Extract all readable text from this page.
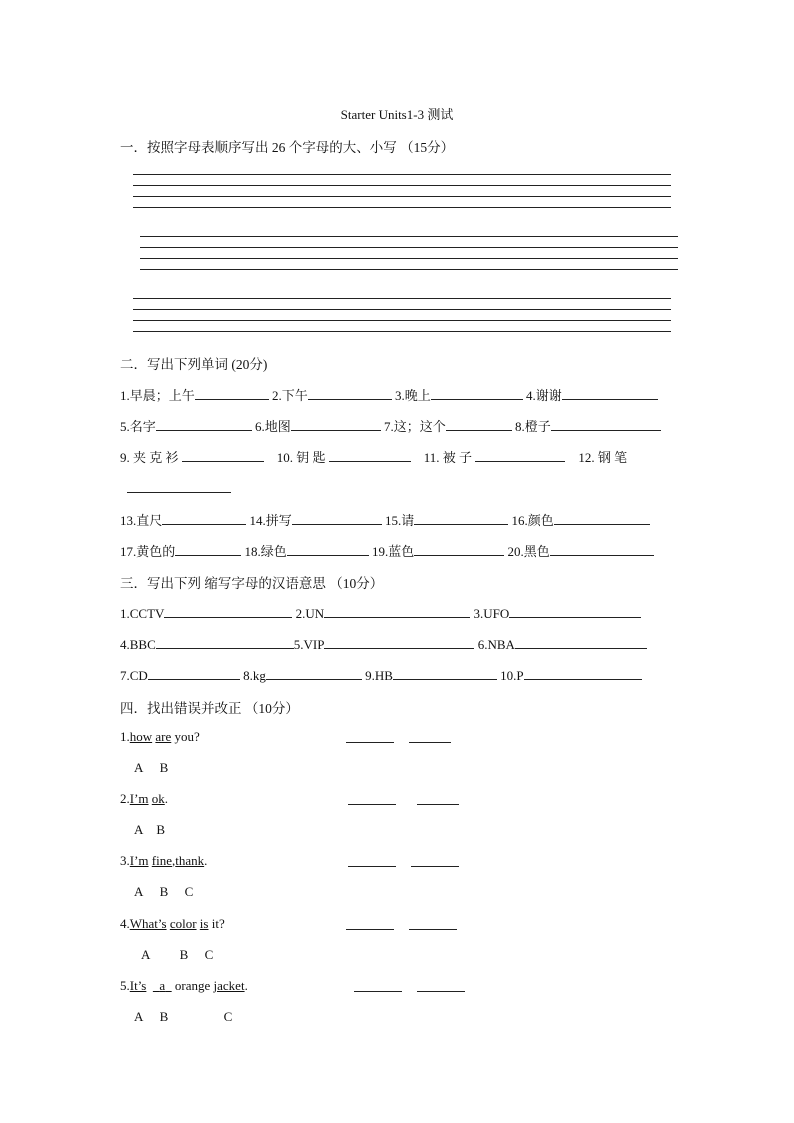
Starter Units1-3 测试
一．按照字母表顺序写出 26 个字母的大、小写 （15分）
二．写出下列单词 (20分)
1.早晨；上午	2.下午	3.晚上	4.谢谢
5.名字	6.地图	7.这；这个	8.橙子
9. 夹 克 衫	10. 钥 匙	11. 被 子	12. 钢 笔
13.直尺	14.拼写	15.请	16.颜色
17.黄色的	18.绿色	19.蓝色	20.黑色
三．写出下列 缩写字母的汉语意思 （10分）
1.CCTV	2.UN	3.UFO
4.BBC	5.VIP	6.NBA
7.CD	8.kg	9.HB	10.P
四．找出错误并改正 （10分）
1.how are you?
A B
2.I’m ok.
A B
3.I’m fine,thank.
A B C
4.What’s color is it?
A B C
5.It’s a   orange jacket.
A B	C
